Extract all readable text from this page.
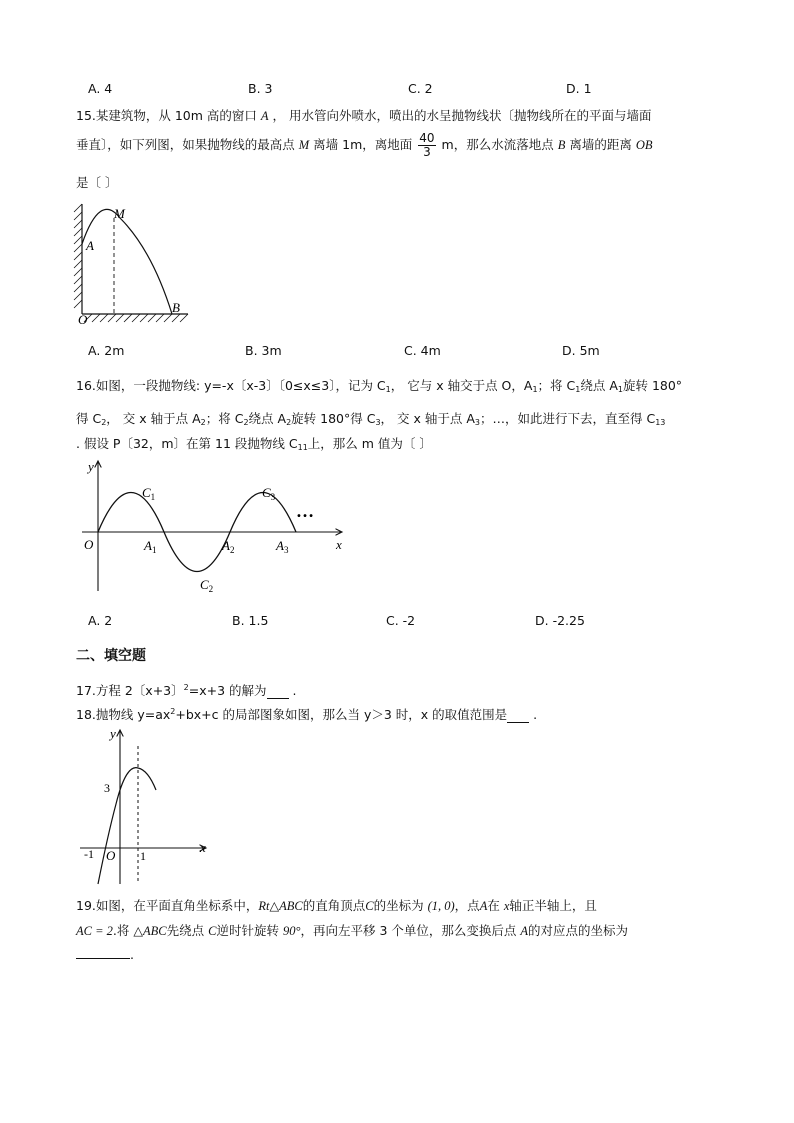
A. 4	B. 3	C. 2	D. 1
15.某建筑物，从 10m 高的窗口 A ， 用水管向外喷水，喷出的水呈抛物线状〔抛物线所在的平面与墙面
垂直〕，如下列图，如果抛物线的最高点 M 离墙 1m，离地面 $\frac{40}{3}$ m，那么水流落地点 B 离墙的距离 OB
是〔 〕
M
A
O
B
A. 2m	B. 3m	C. 4m	D. 5m
16.如图，一段抛物线: y=-x〔x-3〕〔0≤x≤3〕，记为 $C_1$， 它与 x 轴交于点 O，$A_1$；将 $C_1$绕点 $A_1$旋转 180°
得 $C_2$， 交 x 轴于点 $A_2$；将 $C_2$绕点 $A_2$旋转 180°得 $C_3$， 交 x 轴于点 $A_3$；…，如此进行下去，直至得 $C_{13}$
. 假设 P〔32，m〕在第 11 段抛物线 $C_{11}$上，那么 m 值为〔 〕
y
x
O
$C_1$
$C_2$
$C_3$
$A_1$	$A_2$	$A_3$
…
A. 2	B. 1.5	C. -2	D. -2.25
二、填空题
17.方程 2〔x+3〕$^2$=x+3 的解为 .
18.抛物线 $y=ax^2+bx+c$ 的局部图象如图，那么当 y＞3 时，x 的取值范围是 .
y
x
3
-1 O 1
19.如图，在平面直角坐标系中，Rt△ABC的直角顶点C的坐标为 (1, 0)，点A在 x轴正半轴上，且
AC = 2.将 △ABC先绕点 C逆时针旋转 90°，再向左平移 3 个单位，那么变换后点 A的对应点的坐标为
.
